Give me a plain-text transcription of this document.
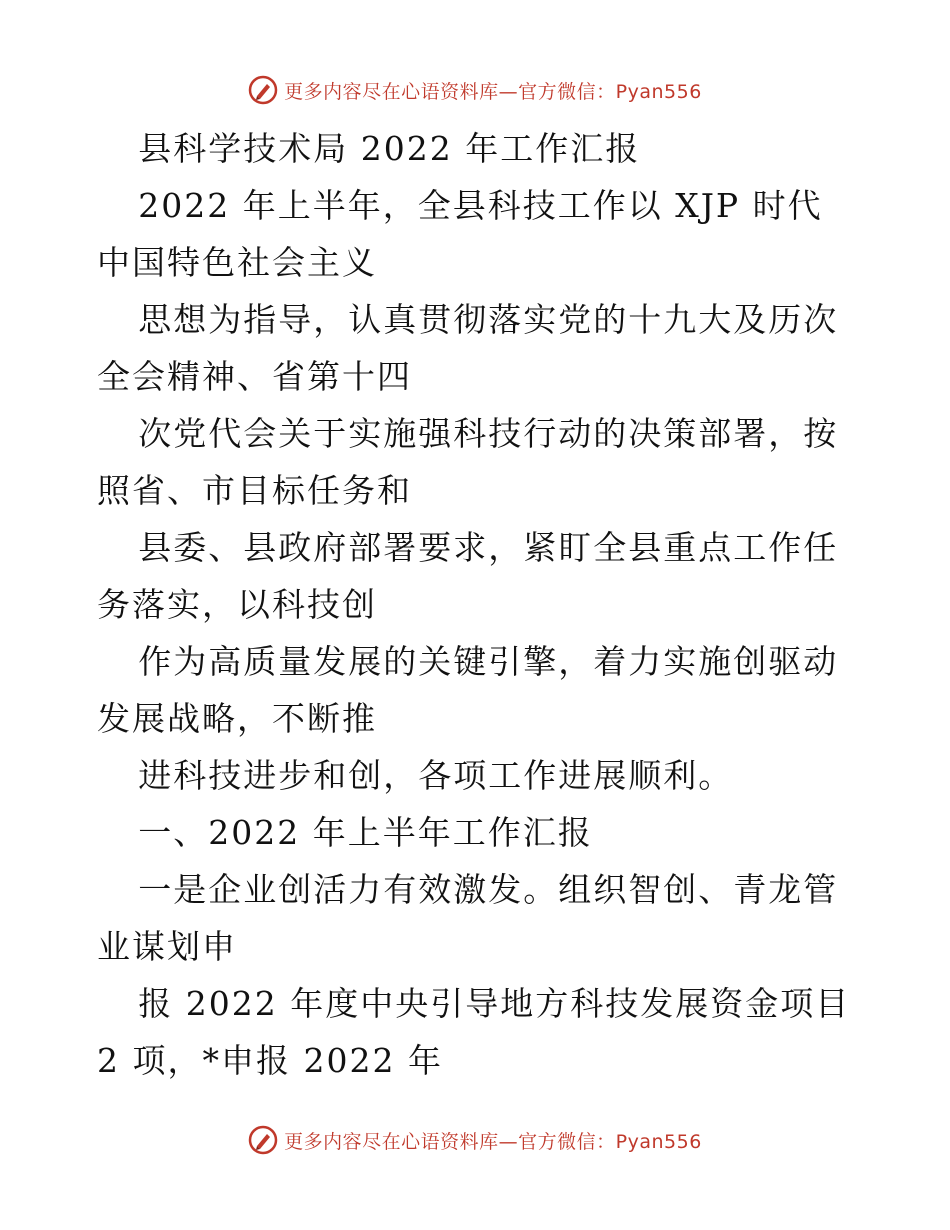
更多内容尽在心语资料库—官方微信：Pyan556

县科学技术局 2022 年工作汇报

2022 年上半年，全县科技工作以 XJP 时代中国特色社会主义

思想为指导，认真贯彻落实党的十九大及历次全会精神、省第十四

次党代会关于实施强科技行动的决策部署，按照省、市目标任务和

县委、县政府部署要求，紧盯全县重点工作任务落实，以科技创

作为高质量发展的关键引擎，着力实施创驱动发展战略，不断推

进科技进步和创，各项工作进展顺利。

一、2022 年上半年工作汇报

一是企业创活力有效激发。组织智创、青龙管业谋划申

报 2022 年度中央引导地方科技发展资金项目 2 项，*申报 2022 年

更多内容尽在心语资料库—官方微信：Pyan556
